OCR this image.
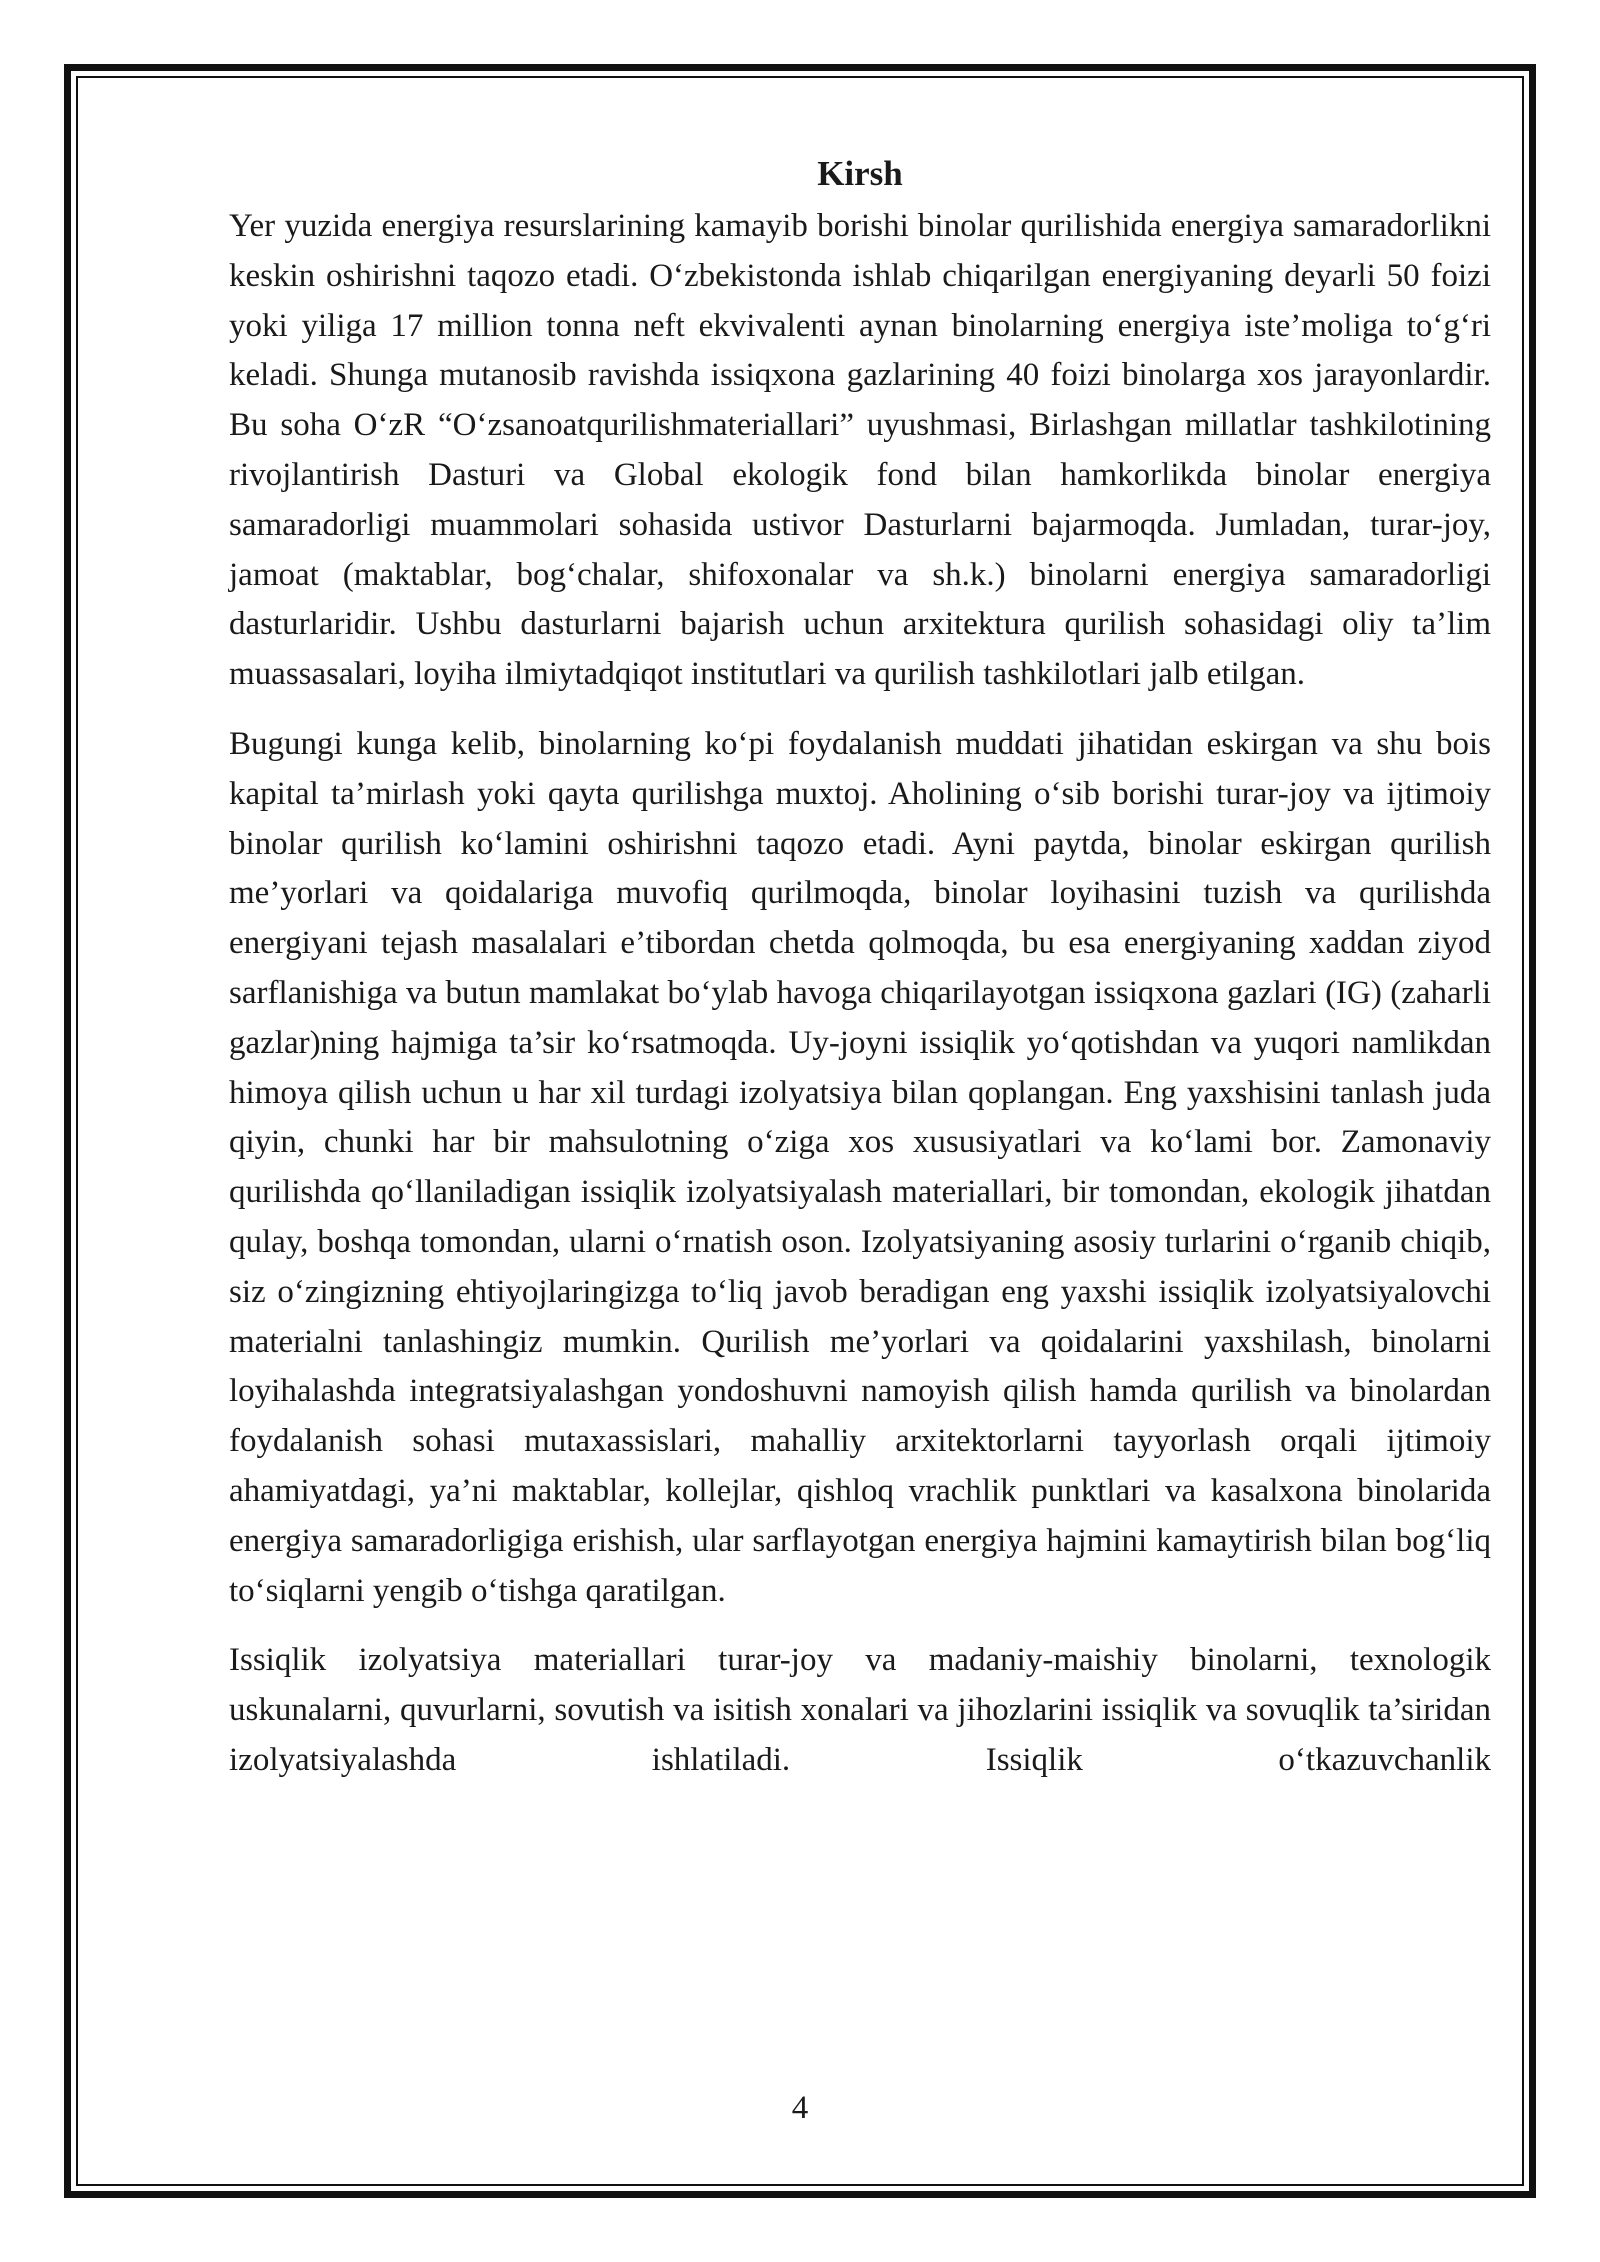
Kirsh

Yer yuzida energiya resurslarining kamayib borishi binolar qurilishida energiya samaradorlikni keskin oshirishni taqozo etadi. O‘zbekistonda ishlab chiqarilgan energiyaning deyarli 50 foizi yoki yiliga 17 million tonna neft ekvivalenti aynan binolarning energiya iste’moliga to‘g‘ri keladi. Shunga mutanosib ravishda issiqxona gazlarining 40 foizi binolarga xos jarayonlardir. Bu soha O‘zR “O‘zsanoatqurilishmateriallari” uyushmasi, Birlashgan millatlar tashkilotining rivojlantirish Dasturi va Global ekologik fond bilan hamkorlikda binolar energiya samaradorligi muammolari sohasida ustivor Dasturlarni bajarmoqda. Jumladan, turar-joy, jamoat (maktablar, bog‘chalar, shifoxonalar va sh.k.) binolarni energiya samaradorligi dasturlaridir. Ushbu dasturlarni bajarish uchun arxitektura qurilish sohasidagi oliy ta’lim muassasalari, loyiha ilmiytadqiqot institutlari va qurilish tashkilotlari jalb etilgan.

Bugungi kunga kelib, binolarning ko‘pi foydalanish muddati jihatidan eskirgan va shu bois kapital ta’mirlash yoki qayta qurilishga muxtoj. Aholining o‘sib borishi turar-joy va ijtimoiy binolar qurilish ko‘lamini oshirishni taqozo etadi. Ayni paytda, binolar eskirgan qurilish me’yorlari va qoidalariga muvofiq qurilmoqda, binolar loyihasini tuzish va qurilishda energiyani tejash masalalari e’tibordan chetda qolmoqda, bu esa energiyaning xaddan ziyod sarflanishiga va butun mamlakat bo‘ylab havoga chiqarilayotgan issiqxona gazlari (IG) (zaharli gazlar)ning hajmiga ta’sir ko‘rsatmoqda. Uy-joyni issiqlik yo‘qotishdan va yuqori namlikdan himoya qilish uchun u har xil turdagi izolyatsiya bilan qoplangan. Eng yaxshisini tanlash juda qiyin, chunki har bir mahsulotning o‘ziga xos xususiyatlari va ko‘lami bor. Zamonaviy qurilishda qo‘llaniladigan issiqlik izolyatsiyalash materiallari, bir tomondan, ekologik jihatdan qulay, boshqa tomondan, ularni o‘rnatish oson. Izolyatsiyaning asosiy turlarini o‘rganib chiqib, siz o‘zingizning ehtiyojlaringizga to‘liq javob beradigan eng yaxshi issiqlik izolyatsiyalovchi materialni tanlashingiz mumkin. Qurilish me’yorlari va qoidalarini yaxshilash, binolarni loyihalashda integratsiyalashgan yondoshuvni namoyish qilish hamda qurilish va binolardan foydalanish sohasi mutaxassislari, mahalliy arxitektorlarni tayyorlash orqali ijtimoiy ahamiyatdagi, ya’ni maktablar, kollejlar, qishloq vrachlik punktlari va kasalxona binolarida energiya samaradorligiga erishish, ular sarflayotgan energiya hajmini kamaytirish bilan bog‘liq to‘siqlarni yengib o‘tishga qaratilgan.

Issiqlik izolyatsiya materiallari turar-joy va madaniy-maishiy binolarni, texnologik uskunalarni, quvurlarni, sovutish va isitish xonalari va jihozlarini issiqlik va sovuqlik ta’siridan izolyatsiyalashda ishlatiladi. Issiqlik o‘tkazuvchanlik

4
